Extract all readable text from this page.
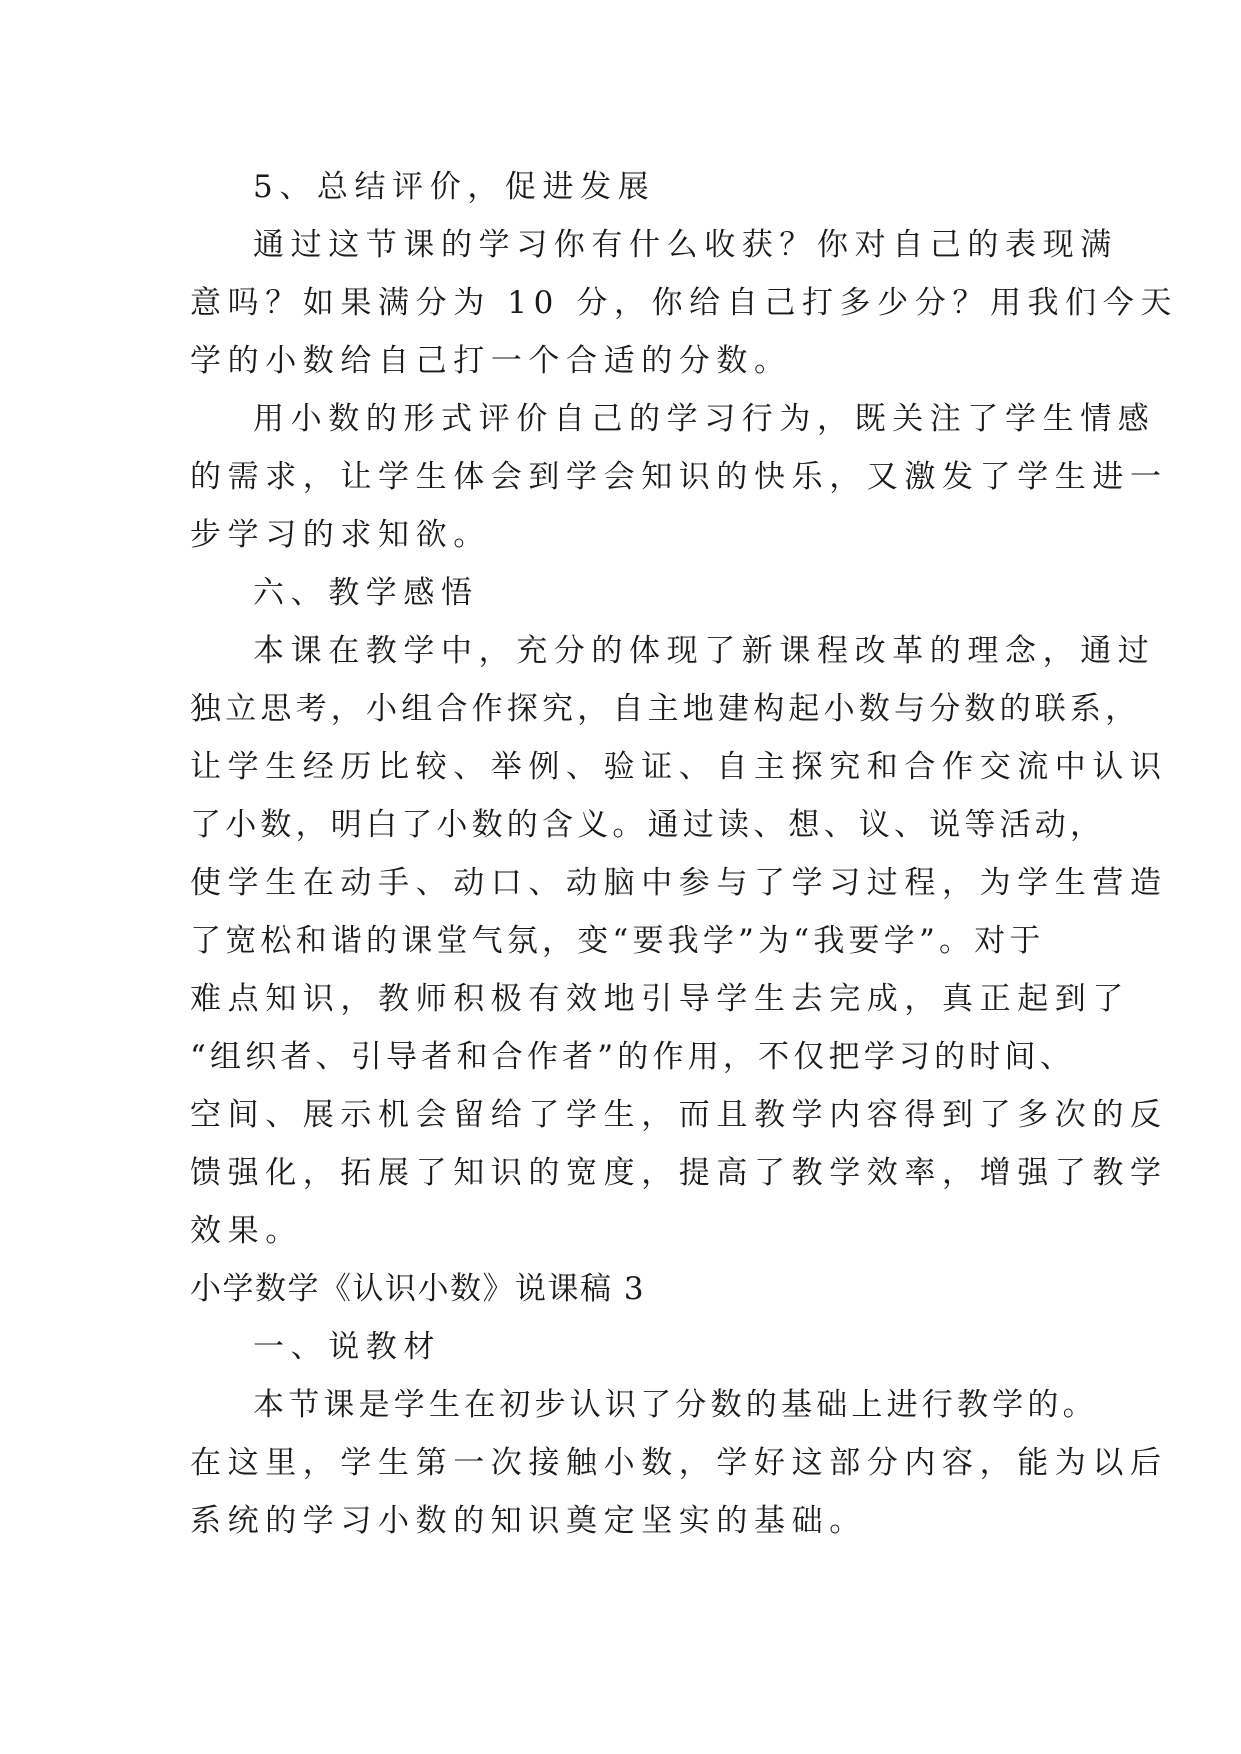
5、总结评价，促进发展
通过这节课的学习你有什么收获？你对自己的表现满
意吗？如果满分为 10 分，你给自己打多少分？用我们今天
学的小数给自己打一个合适的分数。
用小数的形式评价自己的学习行为，既关注了学生情感
的需求，让学生体会到学会知识的快乐，又激发了学生进一
步学习的求知欲。
六、教学感悟
本课在教学中，充分的体现了新课程改革的理念，通过
独立思考，小组合作探究，自主地建构起小数与分数的联系，
让学生经历比较、举例、验证、自主探究和合作交流中认识
了小数，明白了小数的含义。通过读、想、议、说等活动，
使学生在动手、动口、动脑中参与了学习过程，为学生营造
了宽松和谐的课堂气氛，变“要我学”为“我要学”。对于
难点知识，教师积极有效地引导学生去完成，真正起到了
“组织者、引导者和合作者”的作用，不仅把学习的时间、
空间、展示机会留给了学生，而且教学内容得到了多次的反
馈强化，拓展了知识的宽度，提高了教学效率，增强了教学
效果。
小学数学《认识小数》说课稿 3
一、说教材
本节课是学生在初步认识了分数的基础上进行教学的。
在这里，学生第一次接触小数，学好这部分内容，能为以后
系统的学习小数的知识奠定坚实的基础。
